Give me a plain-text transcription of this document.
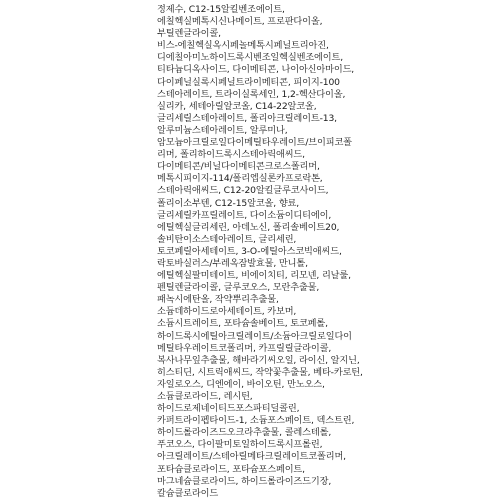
정제수, C12-15알킬벤조에이트,
에칠헥실메톡시신나메이트, 프로판다이올,
부틸렌글라이콜,
비스-에칠헥실옥시페놀메톡시페닐트리아진,
디에칠아미노하이드록시벤조일헥실벤조에이트,
티타늄디옥사이드, 다이메티콘, 나이아신아마이드,
다이페닐실록시페닐트라이메티콘, 피이지-100
스테아레이트, 트라이실록세인, 1,2-헥산다이올,
실리카, 세테아릴알코올, C14-22알코올,
글리세릴스테아레이트, 폴리아크릴레이트-13,
알루미늄스테아레이트, 알루미나,
암모늄아크릴로일다이메틸타우레이트/브이피코폴
리머, 폴리하이드록시스테아릭애씨드,
다이메티콘/비닐다이메티콘크로스폴리머,
메톡시피이지-114/폴리엡실론카프로락톤,
스테아릭애씨드, C12-20알킬글루코사이드,
폴리이소부텐, C12-15알코올, 향료,
글리세릴카프릴레이트, 다이소듐이디티에이,
에틸헥실글리세린, 아데노신, 폴리솔베이트20,
솔비탄이소스테아레이트, 글리세린,
토코페릴아세테이트, 3-O-에틸아스코빅애씨드,
락토바실러스/부레옥잠발효물, 만니톨,
에틸헥실팔미테이트, 비에이치티, 리모넨, 리날룰,
펜틸렌글라이콜, 글루코오스, 모란추출물,
패녹시에탄올, 작약뿌리추출물,
소듐데하이드로아세테이트, 카보머,
소듐시트레이트, 포타슘솔베이트, 토코페롤,
하이드록시에틸아크릴레이트/소듐아크릴로일다이
메틸타우레이트코폴리머, 카프릴릴글라이콜,
복사나무잎추출물, 해바라기씨오일, 라이신, 알지닌,
히스티딘, 시트릭애씨드, 작약꽃추출물, 베타-카로틴,
자일로오스, 디엔에이, 바이오틴, 만노오스,
소듐클로라이드, 레시틴,
하이드로제네이티드포스파티딜콜린,
카퍼트라이펩타이드-1, 소듐포스페이트, 덱스트린,
하이드롤라이즈드오크라추출물, 콜레스테롤,
푸코오스, 다이팔미토일하이드록시프롤린,
아크릴레이트/스테아릴메타크릴레이트코폴리머,
포타슘클로라이드, 포타슘포스페이트,
마그네슘클로라이드, 하이드롤라이즈드기장,
칼슘클로라이드
